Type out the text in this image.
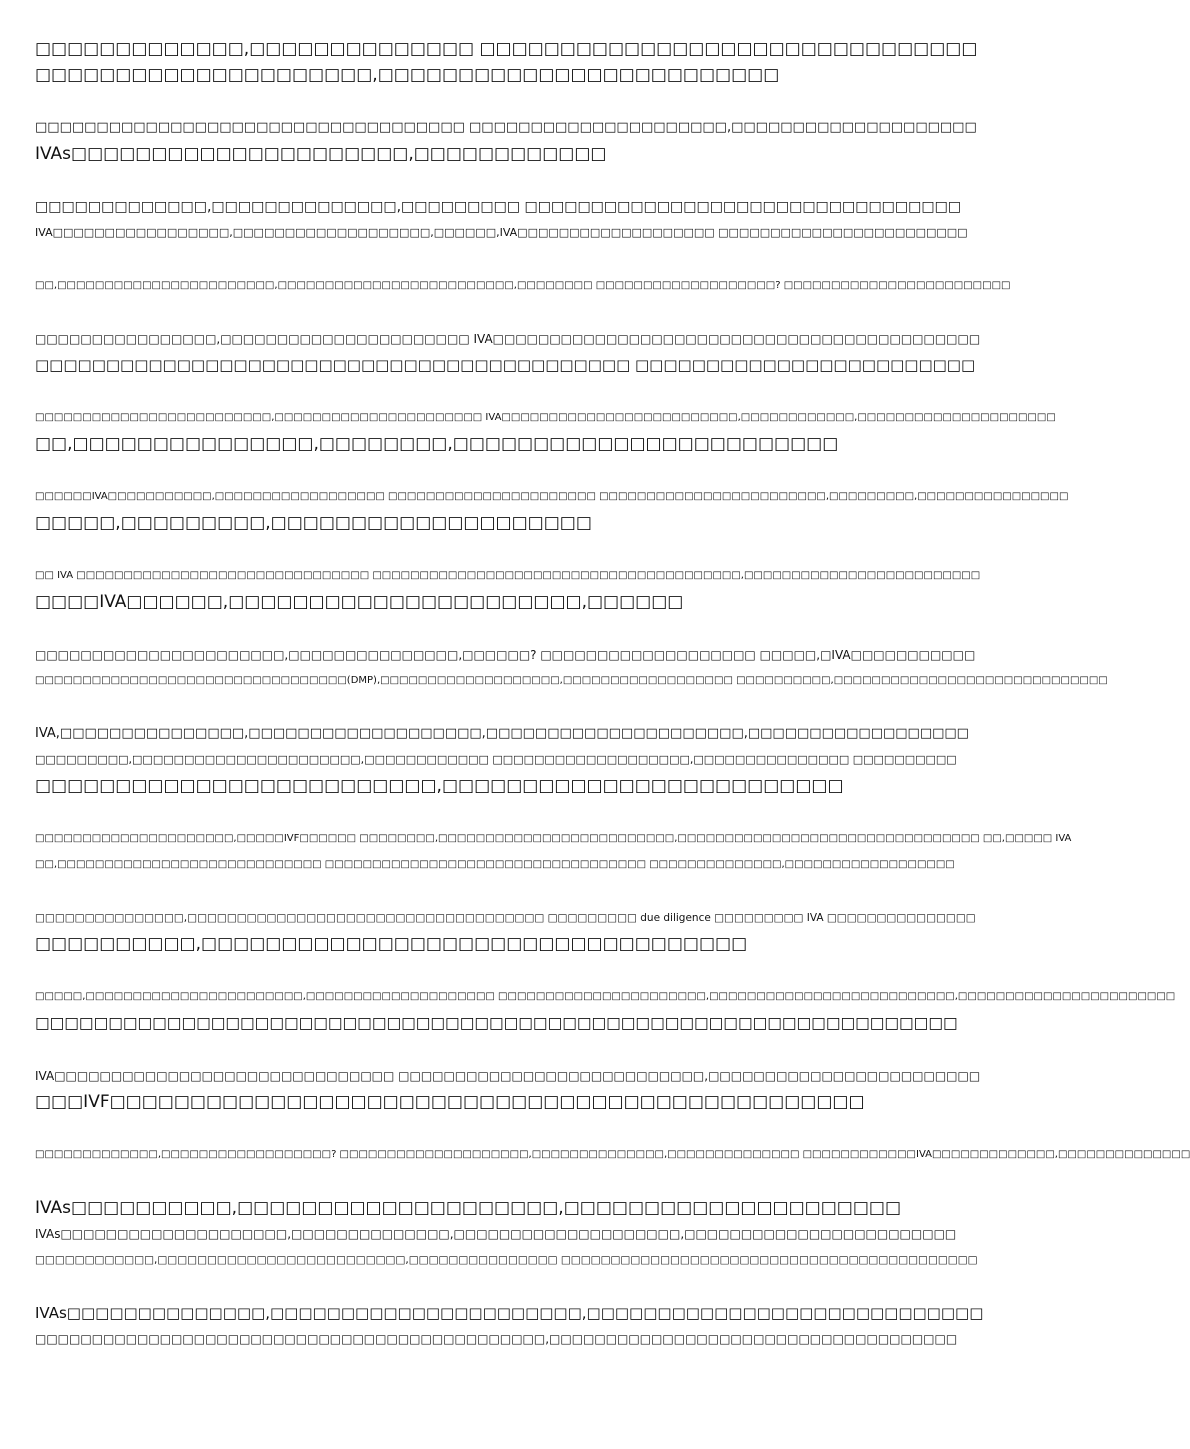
□□□□□□□□□□□□□,□□□□□□□□□□□□□□ □□□□□□□□□□□□□□□□□□□□□□□□□□□□□□□
□□□□□□□□□□□□□□□□□□□□□,□□□□□□□□□□□□□□□□□□□□□□□□□
□□□□□□□□□□□□□□□□□□□□□□□□□□□□□□□□□□□ □□□□□□□□□□□□□□□□□□□□□,□□□□□□□□□□□□□□□□□□□□
IVAs□□□□□□□□□□□□□□□□□□□□□,□□□□□□□□□□□□
□□□□□□□□□□□□□,□□□□□□□□□□□□□□,□□□□□□□□□ □□□□□□□□□□□□□□□□□□□□□□□□□□□□□□□□□
IVA□□□□□□□□□□□□□□□□□,□□□□□□□□□□□□□□□□□□□,□□□□□□,IVA□□□□□□□□□□□□□□□□□□□ □□□□□□□□□□□□□□□□□□□□□□□□
□□,□□□□□□□□□□□□□□□□□□□□□□□,□□□□□□□□□□□□□□□□□□□□□□□□□,□□□□□□□□ □□□□□□□□□□□□□□□□□□□? □□□□□□□□□□□□□□□□□□□□□□□□
□□□□□□□□□□□□□□□□,□□□□□□□□□□□□□□□□□□□□□□ IVA□□□□□□□□□□□□□□□□□□□□□□□□□□□□□□□□□□□□□□□□□□□
□□□□□□□□□□□□□□□□□□□□□□□□□□□□□□□□□□□□□□□□□□ □□□□□□□□□□□□□□□□□□□□□□□□
□□□□□□□□□□□□□□□□□□□□□□□□□,□□□□□□□□□□□□□□□□□□□□□□ IVA□□□□□□□□□□□□□□□□□□□□□□□□□,□□□□□□□□□□□□,□□□□□□□□□□□□□□□□□□□□□
□□,□□□□□□□□□□□□□□□,□□□□□□□□,□□□□□□□□□□□□□□□□□□□□□□□□
□□□□□□IVA□□□□□□□□□□□,□□□□□□□□□□□□□□□□□□ □□□□□□□□□□□□□□□□□□□□□□ □□□□□□□□□□□□□□□□□□□□□□□□,□□□□□□□□□,□□□□□□□□□□□□□□□□
□□□□□,□□□□□□□□□,□□□□□□□□□□□□□□□□□□□□
□□ IVA □□□□□□□□□□□□□□□□□□□□□□□□□□□□□□□ □□□□□□□□□□□□□□□□□□□□□□□□□□□□□□□□□□□□□□□,□□□□□□□□□□□□□□□□□□□□□□□□□
□□□□IVA□□□□□□,□□□□□□□□□□□□□□□□□□□□□□,□□□□□□
□□□□□□□□□□□□□□□□□□□□□□,□□□□□□□□□□□□□□□,□□□□□□? □□□□□□□□□□□□□□□□□□□ □□□□□,□IVA□□□□□□□□□□□
□□□□□□□□□□□□□□□□□□□□□□□□□□□□□□□□□(DMP),□□□□□□□□□□□□□□□□□□□,□□□□□□□□□□□□□□□□□□ □□□□□□□□□□,□□□□□□□□□□□□□□□□□□□□□□□□□□□□□
IVA,□□□□□□□□□□□□□□□,□□□□□□□□□□□□□□□□□□□,□□□□□□□□□□□□□□□□□□□□□,□□□□□□□□□□□□□□□□□□
□□□□□□□□□,□□□□□□□□□□□□□□□□□□□□□□,□□□□□□□□□□□□ □□□□□□□□□□□□□□□□□□□,□□□□□□□□□□□□□□□ □□□□□□□□□□
□□□□□□□□□□□□□□□□□□□□□□□□□,□□□□□□□□□□□□□□□□□□□□□□□□□
□□□□□□□□□□□□□□□□□□□□□,□□□□□IVF□□□□□□ □□□□□□□□,□□□□□□□□□□□□□□□□□□□□□□□□□,□□□□□□□□□□□□□□□□□□□□□□□□□□□□□□□□ □□,□□□□□ IVA
□□,□□□□□□□□□□□□□□□□□□□□□□□□□□□□ □□□□□□□□□□□□□□□□□□□□□□□□□□□□□□□□□□ □□□□□□□□□□□□□□,□□□□□□□□□□□□□□□□□□
□□□□□□□□□□□□□□□,□□□□□□□□□□□□□□□□□□□□□□□□□□□□□□□□□□□□ □□□□□□□□□ due diligence □□□□□□□□□ IVA □□□□□□□□□□□□□□□
□□□□□□□□□□,□□□□□□□□□□□□□□□□□□□□□□□□□□□□□□□□□□
□□□□□,□□□□□□□□□□□□□□□□□□□□□□□,□□□□□□□□□□□□□□□□□□□□ □□□□□□□□□□□□□□□□□□□□□□,□□□□□□□□□□□□□□□□□□□□□□□□□□,□□□□□□□□□□□□□□□□□□□□□□□
□□□□□□□□□□□□□□□□□□□□□□□□□□□□□□□□□□□□□□□□□□□□□□□□□□□□□□□□□□□□□□□
IVA□□□□□□□□□□□□□□□□□□□□□□□□□□□□□□ □□□□□□□□□□□□□□□□□□□□□□□□□□□,□□□□□□□□□□□□□□□□□□□□□□□□
□□□IVF□□□□□□□□□□□□□□□□□□□□□□□□□□□□□□□□□□□□□□□□□□□□□□□
□□□□□□□□□□□□□,□□□□□□□□□□□□□□□□□□? □□□□□□□□□□□□□□□□□□□□,□□□□□□□□□□□□□□,□□□□□□□□□□□□□□ □□□□□□□□□□□□IVA□□□□□□□□□□□□□,□□□□□□□□□□□□□□
IVAs□□□□□□□□□□,□□□□□□□□□□□□□□□□□□□□,□□□□□□□□□□□□□□□□□□□□□
IVAs□□□□□□□□□□□□□□□□□□□□,□□□□□□□□□□□□□□,□□□□□□□□□□□□□□□□□□□□,□□□□□□□□□□□□□□□□□□□□□□□□
□□□□□□□□□□□□,□□□□□□□□□□□□□□□□□□□□□□□□□,□□□□□□□□□□□□□□□ □□□□□□□□□□□□□□□□□□□□□□□□□□□□□□□□□□□□□□□□□□
IVAs□□□□□□□□□□□□□□,□□□□□□□□□□□□□□□□□□□□□□,□□□□□□□□□□□□□□□□□□□□□□□□□□□□
□□□□□□□□□□□□□□□□□□□□□□□□□□□□□□□□□□□□□□□□□□□□□,□□□□□□□□□□□□□□□□□□□□□□□□□□□□□□□□□□□□
